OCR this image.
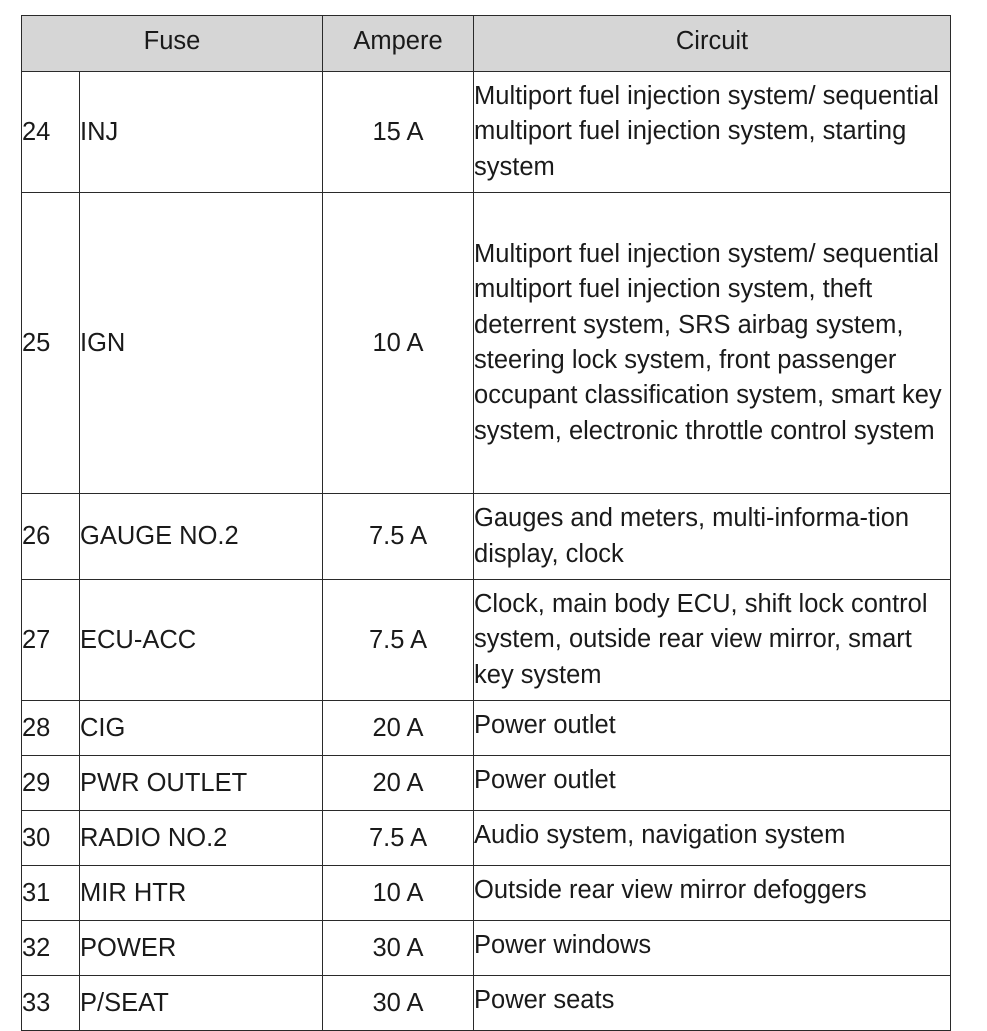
Fuse		Ampere	Circuit
24	INJ	15 A	Multiport fuel injection system/ sequential multiport fuel injection system, starting system
25	IGN	10 A	Multiport fuel injection system/ sequential multiport fuel injection system, theft deterrent system, SRS airbag system, steering lock system, front passenger occupant classification system, smart key system, electronic throttle control system
26	GAUGE NO.2	7.5 A	Gauges and meters, multi-informa-tion display, clock
27	ECU-ACC	7.5 A	Clock, main body ECU, shift lock control system, outside rear view mirror, smart key system
28	CIG	20 A	Power outlet
29	PWR OUTLET	20 A	Power outlet
30	RADIO NO.2	7.5 A	Audio system, navigation system
31	MIR HTR	10 A	Outside rear view mirror defoggers
32	POWER	30 A	Power windows
33	P/SEAT	30 A	Power seats
